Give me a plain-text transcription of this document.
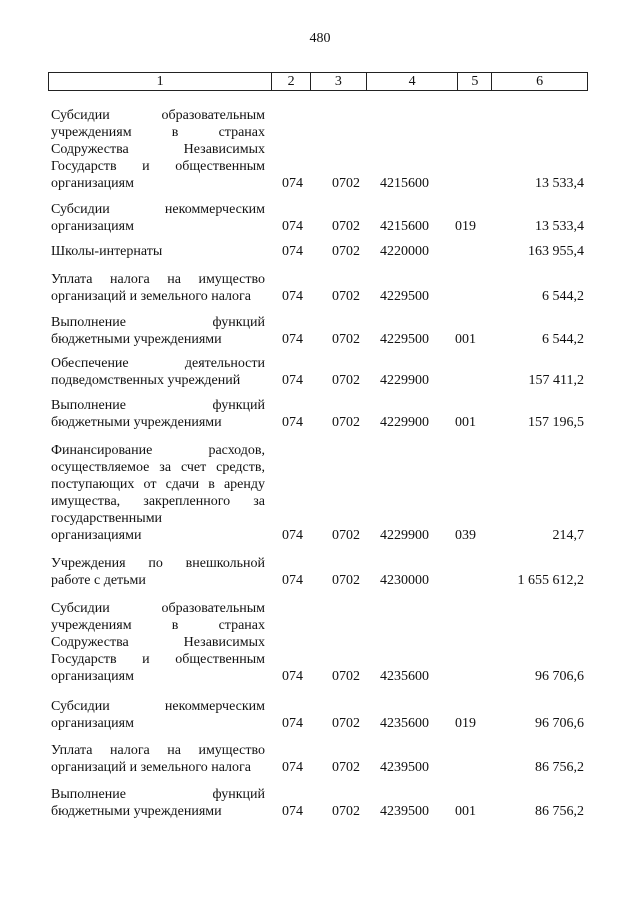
480
1	2	3	4	5	6
Субсидии образовательным
учреждениям в странах
Содружества Независимых
Государств и общественным
организациям	074 0702 4215600	13 533,4
Субсидии некоммерческим
организациям	074 0702 4215600 019	13 533,4
Школы-интернаты	074 0702 4220000	163 955,4
Уплата налога на имущество
организаций и земельного налога	074 0702 4229500	6 544,2
Выполнение функций
бюджетными учреждениями	074 0702 4229500 001	6 544,2
Обеспечение деятельности
подведомственных учреждений	074 0702 4229900	157 411,2
Выполнение функций
бюджетными учреждениями	074 0702 4229900 001	157 196,5
Финансирование расходов,
осуществляемое за счет средств,
поступающих от сдачи в аренду
имущества, закрепленного за
государственными
организациями	074 0702 4229900 039	214,7
Учреждения по внешкольной
работе с детьми	074 0702 4230000	1 655 612,2
Субсидии образовательным
учреждениям в странах
Содружества Независимых
Государств и общественным
организациям	074 0702 4235600	96 706,6
Субсидии некоммерческим
организациям	074 0702 4235600 019	96 706,6
Уплата налога на имущество
организаций и земельного налога	074 0702 4239500	86 756,2
Выполнение функций
бюджетными учреждениями	074 0702 4239500 001	86 756,2
